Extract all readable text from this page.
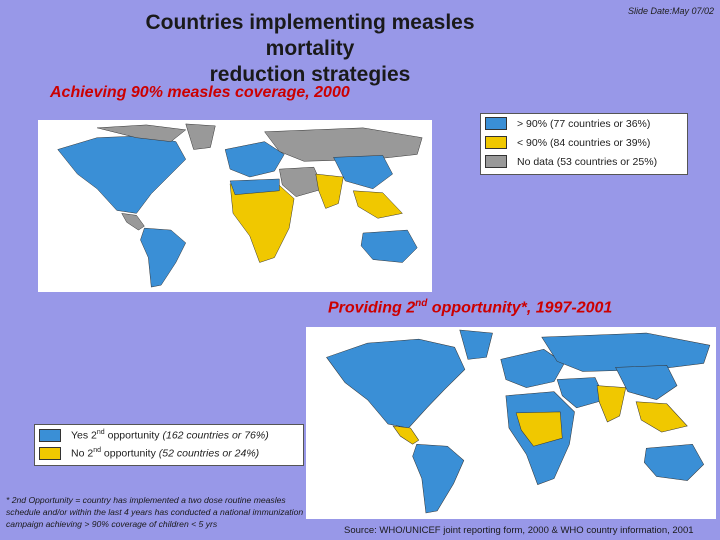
Countries implementing measles mortality
reduction strategies
Slide Date:May 07/02
Achieving 90% measles coverage, 2000
> 90% (77 countries or 36%)
< 90% (84 countries or 39%)
No data (53 countries or 25%)
Providing 2nd opportunity*, 1997-2001
Yes 2nd opportunity (162 countries or 76%)
No 2nd opportunity (52 countries or 24%)
* 2nd Opportunity = country has implemented a two dose routine measles schedule and/or within the last 4 years has conducted a national immunization campaign achieving > 90% coverage of children < 5 yrs
Source: WHO/UNICEF joint reporting form, 2000 & WHO country information, 2001
